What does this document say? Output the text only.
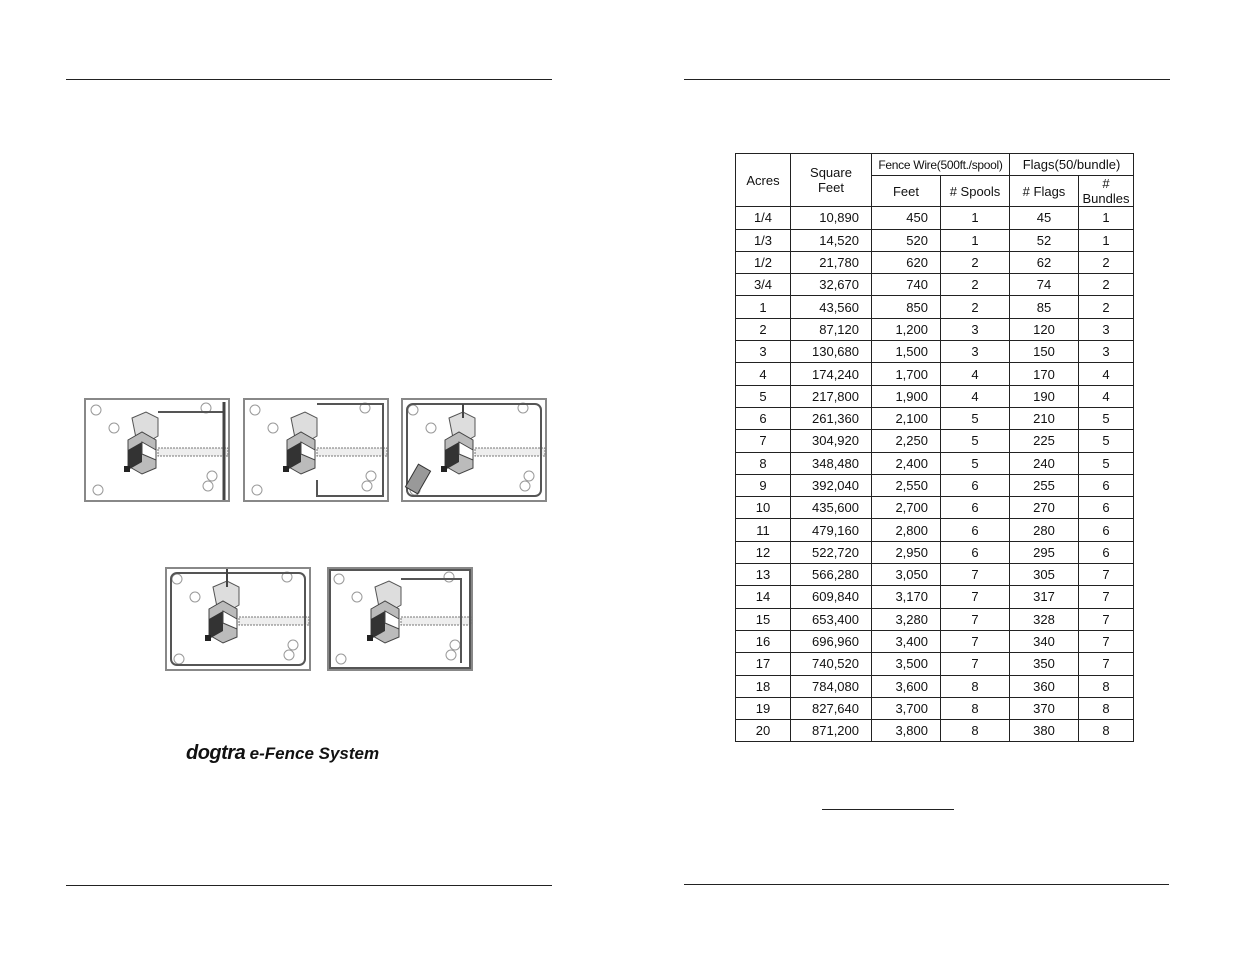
dogtra e-Fence System
Acres	Square Feet	Fence Wire(500ft./spool)		Flags(50/bundle)	
		Feet	# Spools	# Flags	# Bundles
1/4	10,890	450	1	45	1
1/3	14,520	520	1	52	1
1/2	21,780	620	2	62	2
3/4	32,670	740	2	74	2
1	43,560	850	2	85	2
2	87,120	1,200	3	120	3
3	130,680	1,500	3	150	3
4	174,240	1,700	4	170	4
5	217,800	1,900	4	190	4
6	261,360	2,100	5	210	5
7	304,920	2,250	5	225	5
8	348,480	2,400	5	240	5
9	392,040	2,550	6	255	6
10	435,600	2,700	6	270	6
11	479,160	2,800	6	280	6
12	522,720	2,950	6	295	6
13	566,280	3,050	7	305	7
14	609,840	3,170	7	317	7
15	653,400	3,280	7	328	7
16	696,960	3,400	7	340	7
17	740,520	3,500	7	350	7
18	784,080	3,600	8	360	8
19	827,640	3,700	8	370	8
20	871,200	3,800	8	380	8
